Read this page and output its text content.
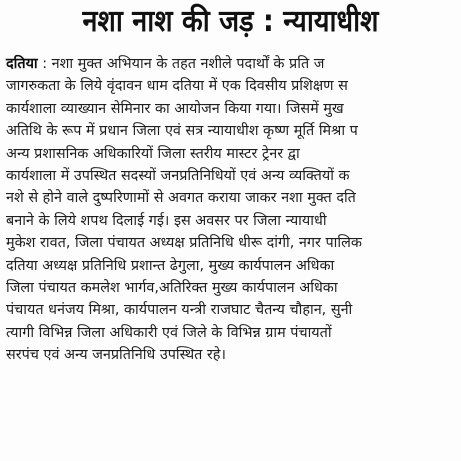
नशा नाश की जड़ : न्यायाधीश
दतिया : नशा मुक्त अभियान के तहत नशीले पदार्थों के प्रति ज
जागरुकता के लिये वृंदावन धाम दतिया में एक दिवसीय प्रशिक्षण स
कार्यशाला व्याख्यान सेमिनार का आयोजन किया गया। जिसमें मुख
अतिथि के रूप में प्रधान जिला एवं सत्र न्यायाधीश कृष्ण मूर्ति मिश्रा प
अन्य प्रशासनिक अधिकारियों जिला स्तरीय मास्टर ट्रेनर द्वा
कार्यशाला में उपस्थित सदस्यों जनप्रतिनिधियों एवं अन्य व्यक्तियों क
नशे से होने वाले दुष्परिणामों से अवगत कराया जाकर नशा मुक्त दति
बनाने के लिये शपथ दिलाई गई। इस अवसर पर जिला न्यायाधी
मुकेश रावत, जिला पंचायत अध्यक्ष प्रतिनिधि धीरू दांगी, नगर पालिक
दतिया अध्यक्ष प्रतिनिधि प्रशान्त ढेगुला, मुख्य कार्यपालन अधिका
जिला पंचायत कमलेश भार्गव,अतिरिक्त मुख्य कार्यपालन अधिका
पंचायत धनंजय मिश्रा, कार्यपालन यन्त्री राजघाट चैतन्य चौहान, सुनी
त्यागी विभिन्न जिला अधिकारी एवं जिले के विभिन्न ग्राम पंचायतों
सरपंच एवं अन्य जनप्रतिनिधि उपस्थित रहे।
